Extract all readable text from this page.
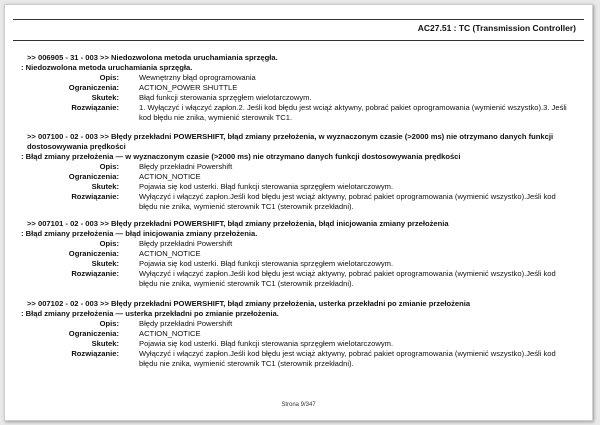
AC27.51 : TC (Transmission Controller)
>> 006905 - 31 - 003 >> Niedozwolona metoda uruchamiania sprzęgła.
: Niedozwolona metoda uruchamiania sprzęgła.
Opis:	Wewnętrzny błąd oprogramowania
Ograniczenia:	ACTION_POWER SHUTTLE
Skutek:	Błąd funkcji sterowania sprzęgłem wielotarczowym.
Rozwiązanie:	1. Wyłączyć i włączyć zapłon.2. Jeśli kod błędu jest wciąż aktywny, pobrać pakiet oprogramowania (wymienić wszystko).3. Jeśli kod błędu nie znika, wymienić sterownik TC1.
>> 007100 - 02 - 003 >> Błędy przekładni POWERSHIFT, błąd zmiany przełożenia, w wyznaczonym czasie (>2000 ms) nie otrzymano danych funkcji dostosowywania prędkości
: Błąd zmiany przełożenia — w wyznaczonym czasie (>2000 ms) nie otrzymano danych funkcji dostosowywania prędkości
Opis:	Błędy przekładni Powershift
Ograniczenia:	ACTION_NOTICE
Skutek:	Pojawia się kod usterki. Błąd funkcji sterowania sprzęgłem wielotarczowym.
Rozwiązanie:	Wyłączyć i włączyć zapłon.Jeśli kod błędu jest wciąż aktywny, pobrać pakiet oprogramowania (wymienić wszystko).Jeśli kod błędu nie znika, wymienić sterownik TC1 (sterownik przekładni).
>> 007101 - 02 - 003 >> Błędy przekładni POWERSHIFT, błąd zmiany przełożenia, błąd inicjowania zmiany przełożenia
: Błąd zmiany przełożenia — błąd inicjowania zmiany przełożenia.
Opis:	Błędy przekładni Powershift
Ograniczenia:	ACTION_NOTICE
Skutek:	Pojawia się kod usterki. Błąd funkcji sterowania sprzęgłem wielotarczowym.
Rozwiązanie:	Wyłączyć i włączyć zapłon.Jeśli kod błędu jest wciąż aktywny, pobrać pakiet oprogramowania (wymienić wszystko).Jeśli kod błędu nie znika, wymienić sterownik TC1 (sterownik przekładni).
>> 007102 - 02 - 003 >> Błędy przekładni POWERSHIFT, błąd zmiany przełożenia, usterka przekładni po zmianie przełożenia
: Błąd zmiany przełożenia — usterka przekładni po zmianie przełożenia.
Opis:	Błędy przekładni Powershift
Ograniczenia:	ACTION_NOTICE
Skutek:	Pojawia się kod usterki. Błąd funkcji sterowania sprzęgłem wielotarczowym.
Rozwiązanie:	Wyłączyć i włączyć zapłon.Jeśli kod błędu jest wciąż aktywny, pobrać pakiet oprogramowania (wymienić wszystko).Jeśli kod błędu nie znika, wymienić sterownik TC1 (sterownik przekładni).
Strona 9/347
